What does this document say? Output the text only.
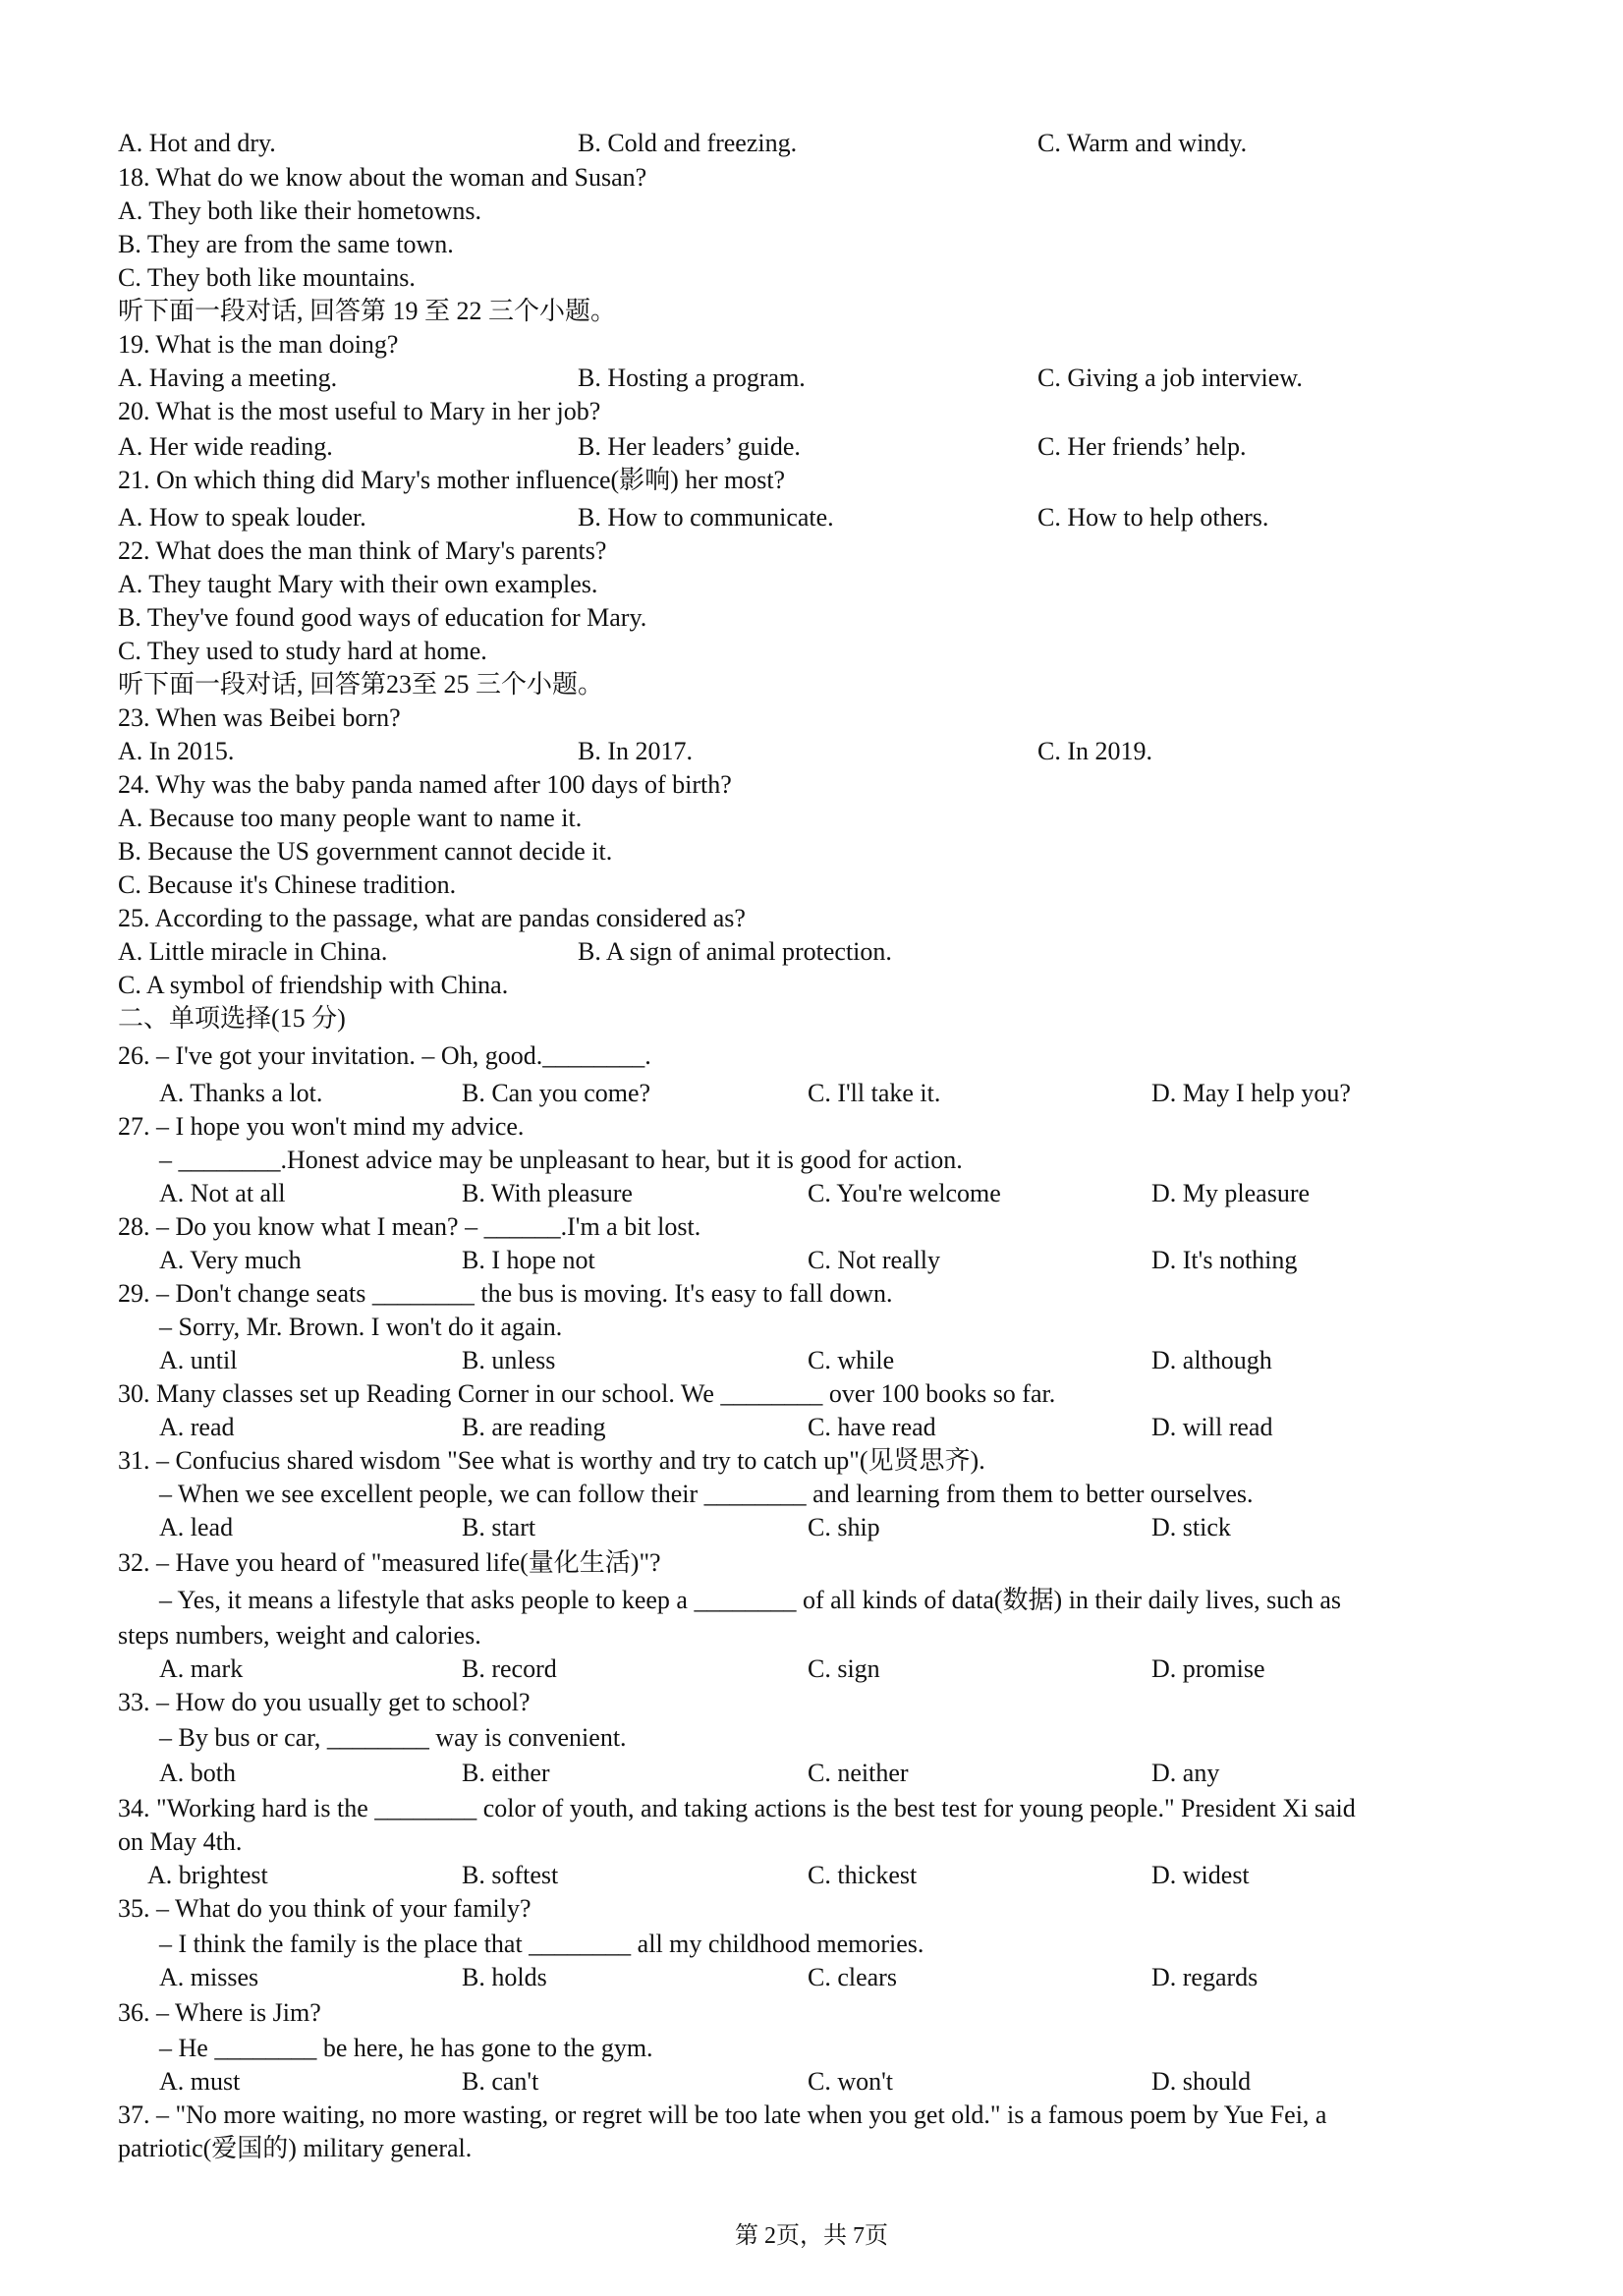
A. Hot and dry.	B. Cold and freezing.	C. Warm and windy.
18. What do we know about the woman and Susan?
A. They both like their hometowns.
B. They are from the same town.
C. They both like mountains.
听下面一段对话, 回答第 19 至 22 三个小题。
19. What is the man doing?
A. Having a meeting.	B. Hosting a program.	C. Giving a job interview.
20. What is the most useful to Mary in her job?
A. Her wide reading.	B. Her leaders’ guide.	C. Her friends’ help.
21. On which thing did Mary's mother influence(影响) her most?
A. How to speak louder.	B. How to communicate.	C. How to help others.
22. What does the man think of Mary's parents?
A. They taught Mary with their own examples.
B. They've found good ways of education for Mary.
C. They used to study hard at home.
听下面一段对话, 回答第23至 25 三个小题。
23. When was Beibei born?
A. In 2015.	B. In 2017.	C. In 2019.
24. Why was the baby panda named after 100 days of birth?
A. Because too many people want to name it.
B. Because the US government cannot decide it.
C. Because it's Chinese tradition.
25. According to the passage, what are pandas considered as?
A. Little miracle in China.	B. A sign of animal protection.
C. A symbol of friendship with China.
二、单项选择(15 分)
26. – I've got your invitation. – Oh, good.________.
A. Thanks a lot.	B. Can you come?	C. I'll take it.	D. May I help you?
27. – I hope you won't mind my advice.
– ________.Honest advice may be unpleasant to hear, but it is good for action.
A. Not at all	B. With pleasure	C. You're welcome	D. My pleasure
28. – Do you know what I mean? – ______.I'm a bit lost.
A. Very much	B. I hope not	C. Not really	D. It's nothing
29. – Don't change seats ________ the bus is moving. It's easy to fall down.
– Sorry, Mr. Brown. I won't do it again.
A. until	B. unless	C. while	D. although
30. Many classes set up Reading Corner in our school. We ________ over 100 books so far.
A. read	B. are reading	C. have read	D. will read
31. – Confucius shared wisdom "See what is worthy and try to catch up"(见贤思齐).
– When we see excellent people, we can follow their ________ and learning from them to better ourselves.
A. lead	B. start	C. ship	D. stick
32. – Have you heard of "measured life(量化生活)"?
– Yes, it means a lifestyle that asks people to keep a ________ of all kinds of data(数据) in their daily lives, such as
steps numbers, weight and calories.
A. mark	B. record	C. sign	D. promise
33. – How do you usually get to school?
– By bus or car, ________ way is convenient.
A. both	B. either	C. neither	D. any
34. "Working hard is the ________ color of youth, and taking actions is the best test for young people." President Xi said
on May 4th.
A. brightest	B. softest	C. thickest	D. widest
35. – What do you think of your family?
– I think the family is the place that ________ all my childhood memories.
A. misses	B. holds	C. clears	D. regards
36. – Where is Jim?
– He ________ be here, he has gone to the gym.
A. must	B. can't	C. won't	D. should
37. – "No more waiting, no more wasting, or regret will be too late when you get old." is a famous poem by Yue Fei, a
patriotic(爱国的) military general.
第 2页，共 7页
